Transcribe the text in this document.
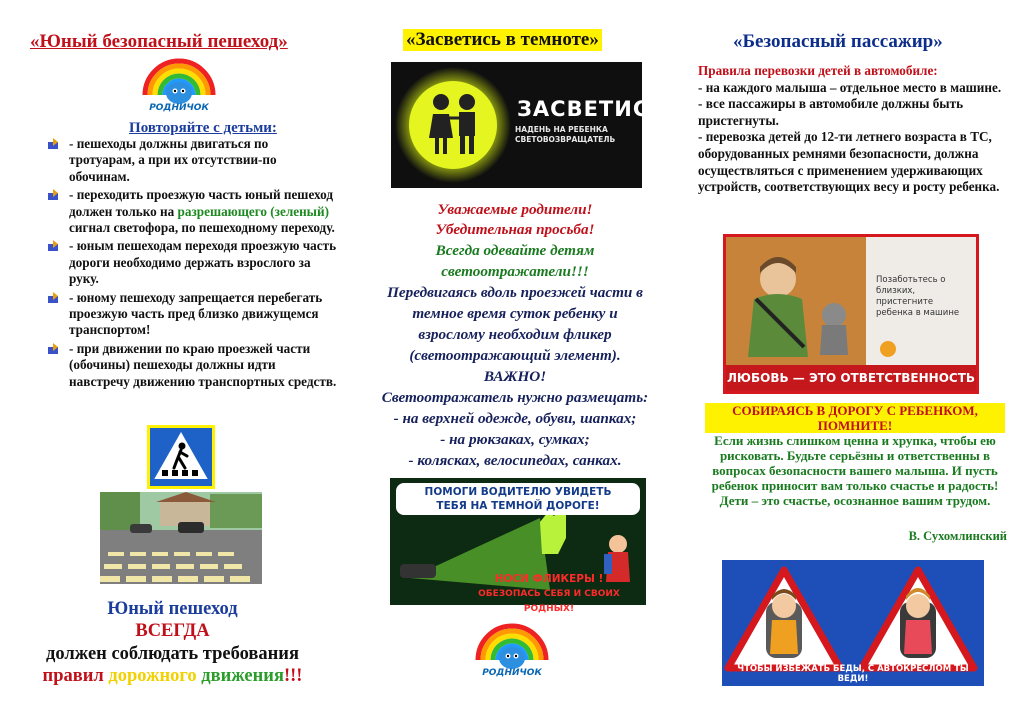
«Юный безопасный пешеход»
РОДНИЧОК
Повторяйте с детьми:
- пешеходы должны двигаться по тротуарам, а при их отсутствии-по обочинам.
- переходить проезжую часть юный пешеход должен только на разрешающего (зеленый) сигнал светофора, по пешеходному переходу.
- юным пешеходам переходя проезжую часть дороги необходимо держать взрослого за руку.
- юному пешеходу запрещается перебегать проезжую часть пред близко движущемся транспортом!
- при движении по краю проезжей части (обочины) пешеходы должны идти навстречу движению транспортных средств.
Юный пешеход
ВСЕГДА
должен соблюдать требования
правил дорожного движения!!!
«Засветись в темноте»
ЗАСВЕТИСЬ!
НАДЕНЬ НА РЕБЕНКА СВЕТОВОЗВРАЩАТЕЛЬ
Уважаемые родители!
Убедительная просьба!
Всегда одевайте детям
светоотражатели!!!
Передвигаясь вдоль проезжей части в
темное время суток ребенку и
взрослому необходим фликер
(светоотражающий элемент).
ВАЖНО!
Светоотражатель нужно размещать:
- на верхней одежде, обуви, шапках;
- на рюкзаках, сумках;
- колясках, велосипедах, санках.
ПОМОГИ ВОДИТЕЛЮ УВИДЕТЬ
ТЕБЯ НА ТЕМНОЙ ДОРОГЕ!
НОСИ ФЛИКЕРЫ !
ОБЕЗОПАСЬ СЕБЯ И СВОИХ РОДНЫХ!
РОДНИЧОК
«Безопасный пассажир»
Правила перевозки детей в автомобиле:
- на каждого малыша – отдельное место в машине.
- все пассажиры в автомобиле должны быть пристегнуты.
- перевозка детей до 12-ти летнего возраста в ТС, оборудованных ремнями безопасности, должна осуществляться с применением удерживающих устройств, соответствующих весу и росту ребенка.
Позаботьтесь о близких, пристегните ребенка в машине
ЛЮБОВЬ — ЭТО ОТВЕТСТВЕННОСТЬ
СОБИРАЯСЬ В ДОРОГУ С РЕБЕНКОМ, ПОМНИТЕ!
Если жизнь слишком ценна и хрупка, чтобы ею рисковать. Будьте серьёзны и ответственны в вопросах безопасности вашего малыша. И пусть ребенок приносит вам только счастье и радость! Дети – это счастье, осознанное вашим трудом.
В. Сухомлинский
ЧТОБЫ ИЗБЕЖАТЬ БЕДЫ, С АВТОКРЕСЛОМ ТЫ ВЕДИ!
